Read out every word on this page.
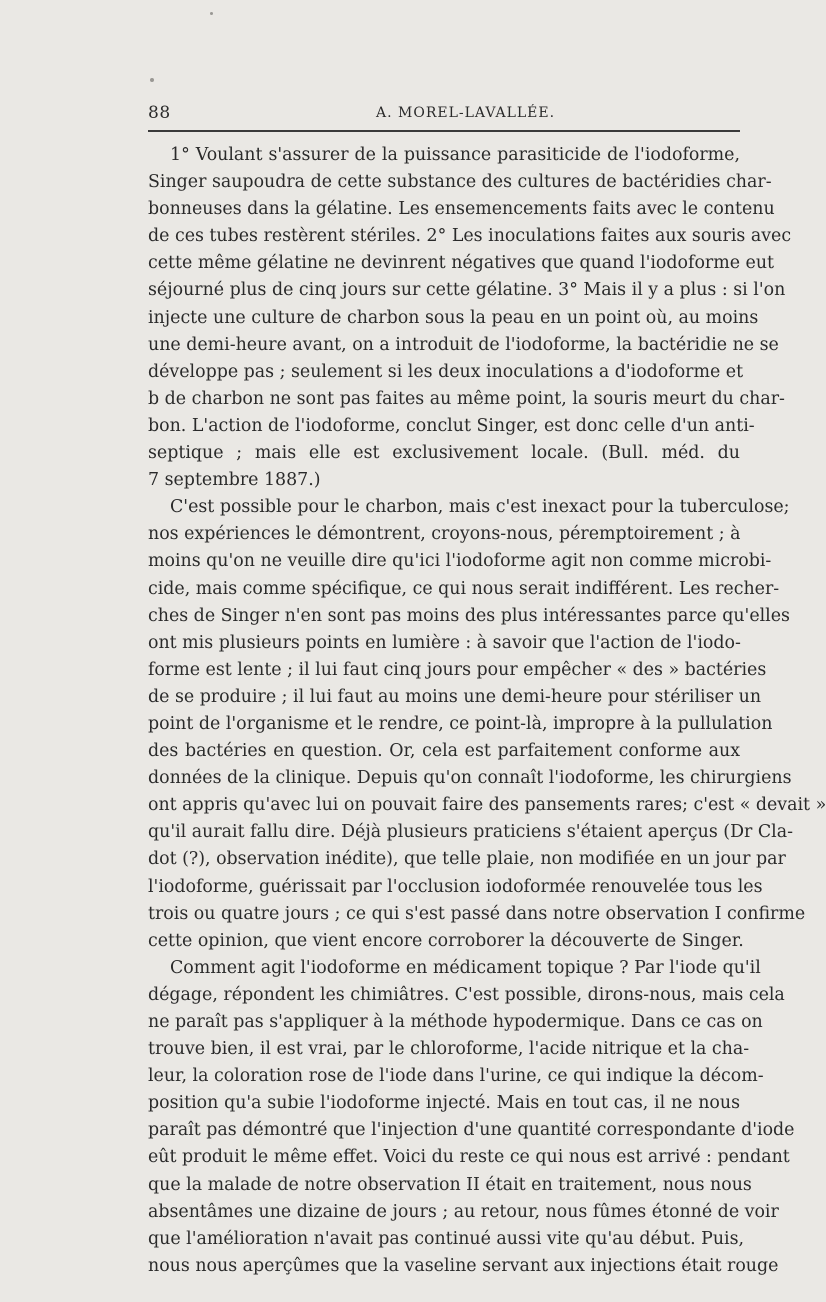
88	A. MOREL-LAVALLÉE.
1° Voulant s'assurer de la puissance parasiticide de l'iodoforme,
Singer saupoudra de cette substance des cultures de bactéridies char-
bonneuses dans la gélatine. Les ensemencements faits avec le contenu
de ces tubes restèrent stériles. 2° Les inoculations faites aux souris avec
cette même gélatine ne devinrent négatives que quand l'iodoforme eut
séjourné plus de cinq jours sur cette gélatine. 3° Mais il y a plus : si l'on
injecte une culture de charbon sous la peau en un point où, au moins
une demi-heure avant, on a introduit de l'iodoforme, la bactéridie ne se
développe pas ; seulement si les deux inoculations a d'iodoforme et
b de charbon ne sont pas faites au même point, la souris meurt du char-
bon. L'action de l'iodoforme, conclut Singer, est donc celle d'un anti-
septique ; mais elle est exclusivement locale. (Bull. méd. du
7 septembre 1887.)
C'est possible pour le charbon, mais c'est inexact pour la tuberculose;
nos expériences le démontrent, croyons-nous, péremptoirement ; à
moins qu'on ne veuille dire qu'ici l'iodoforme agit non comme microbi-
cide, mais comme spécifique, ce qui nous serait indifférent. Les recher-
ches de Singer n'en sont pas moins des plus intéressantes parce qu'elles
ont mis plusieurs points en lumière : à savoir que l'action de l'iodo-
forme est lente ; il lui faut cinq jours pour empêcher « des » bactéries
de se produire ; il lui faut au moins une demi-heure pour stériliser un
point de l'organisme et le rendre, ce point-là, impropre à la pullulation
des bactéries en question. Or, cela est parfaitement conforme aux
données de la clinique. Depuis qu'on connaît l'iodoforme, les chirurgiens
ont appris qu'avec lui on pouvait faire des pansements rares; c'est « devait »
qu'il aurait fallu dire. Déjà plusieurs praticiens s'étaient aperçus (Dr Cla-
dot (?), observation inédite), que telle plaie, non modifiée en un jour par
l'iodoforme, guérissait par l'occlusion iodoformée renouvelée tous les
trois ou quatre jours ; ce qui s'est passé dans notre observation I confirme
cette opinion, que vient encore corroborer la découverte de Singer.
Comment agit l'iodoforme en médicament topique ? Par l'iode qu'il
dégage, répondent les chimiâtres. C'est possible, dirons-nous, mais cela
ne paraît pas s'appliquer à la méthode hypodermique. Dans ce cas on
trouve bien, il est vrai, par le chloroforme, l'acide nitrique et la cha-
leur, la coloration rose de l'iode dans l'urine, ce qui indique la décom-
position qu'a subie l'iodoforme injecté. Mais en tout cas, il ne nous
paraît pas démontré que l'injection d'une quantité correspondante d'iode
eût produit le même effet. Voici du reste ce qui nous est arrivé : pendant
que la malade de notre observation II était en traitement, nous nous
absentâmes une dizaine de jours ; au retour, nous fûmes étonné de voir
que l'amélioration n'avait pas continué aussi vite qu'au début. Puis,
nous nous aperçûmes que la vaseline servant aux injections était rouge
